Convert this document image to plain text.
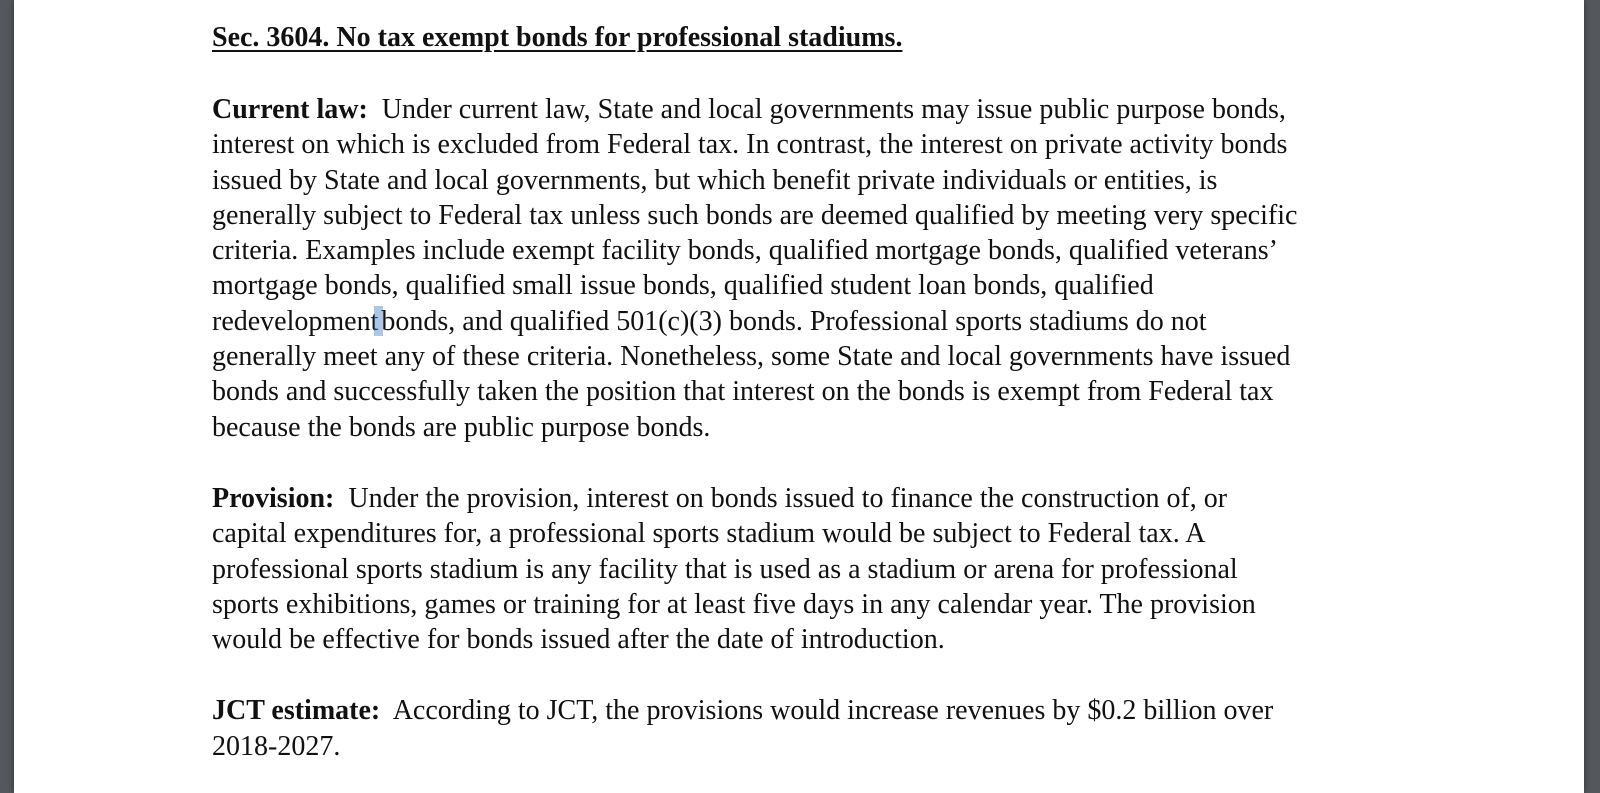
Sec. 3604. No tax exempt bonds for professional stadiums.

Current law: Under current law, State and local governments may issue public purpose bonds,
interest on which is excluded from Federal tax. In contrast, the interest on private activity bonds
issued by State and local governments, but which benefit private individuals or entities, is
generally subject to Federal tax unless such bonds are deemed qualified by meeting very specific
criteria. Examples include exempt facility bonds, qualified mortgage bonds, qualified veterans’
mortgage bonds, qualified small issue bonds, qualified student loan bonds, qualified
redevelopment bonds, and qualified 501(c)(3) bonds. Professional sports stadiums do not
generally meet any of these criteria. Nonetheless, some State and local governments have issued
bonds and successfully taken the position that interest on the bonds is exempt from Federal tax
because the bonds are public purpose bonds.

Provision: Under the provision, interest on bonds issued to finance the construction of, or
capital expenditures for, a professional sports stadium would be subject to Federal tax. A
professional sports stadium is any facility that is used as a stadium or arena for professional
sports exhibitions, games or training for at least five days in any calendar year. The provision
would be effective for bonds issued after the date of introduction.

JCT estimate: According to JCT, the provisions would increase revenues by $0.2 billion over
2018-2027.
